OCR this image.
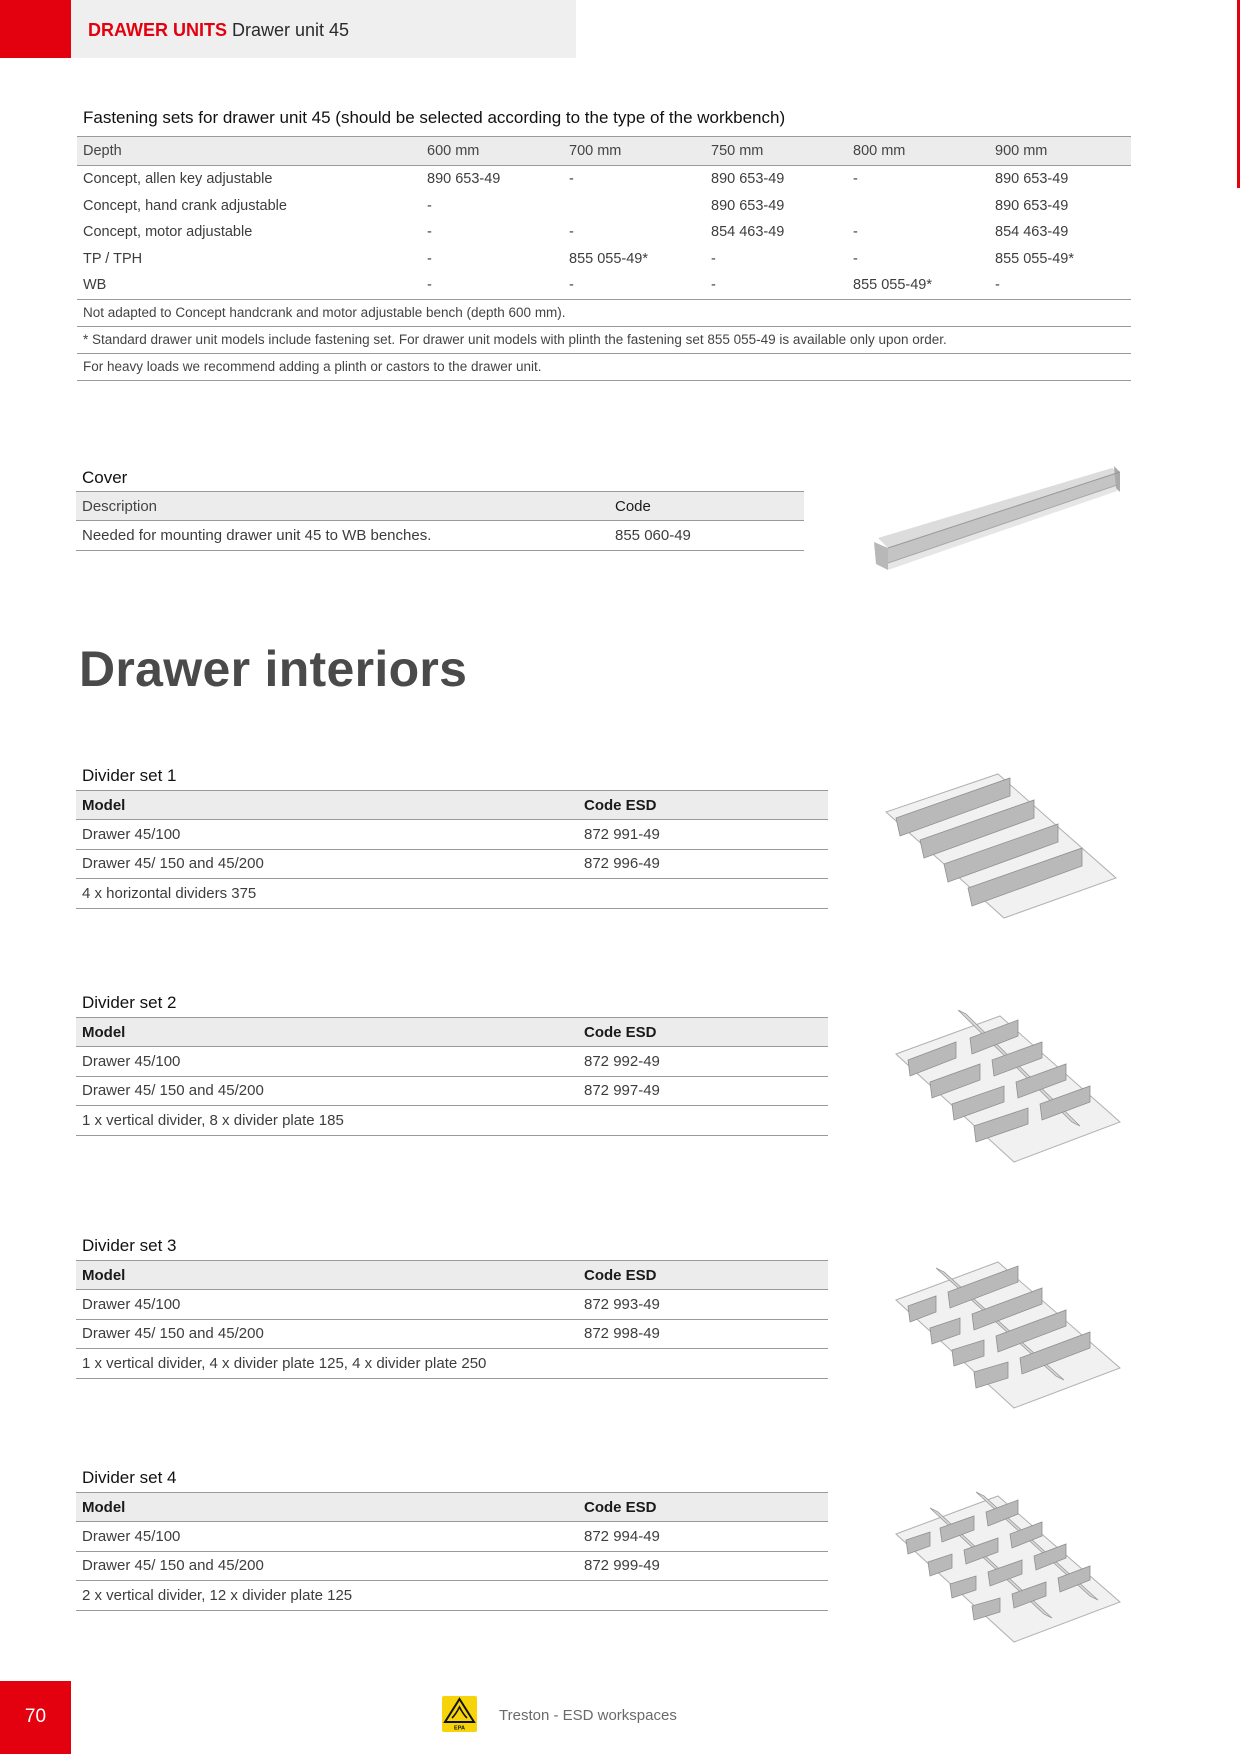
DRAWER UNITS Drawer unit 45
Fastening sets for drawer unit 45 (should be selected according to the type of the workbench)
Depth	600 mm	700 mm	750 mm	800 mm	900 mm
Concept, allen key adjustable	890 653-49	-	890 653-49	-	890 653-49
Concept, hand crank adjustable	-		890 653-49		890 653-49
Concept, motor adjustable	-	-	854 463-49	-	854 463-49
TP / TPH	-	855 055-49*	-	-	855 055-49*
WB	-	-	-	855 055-49*	-
Not adapted to Concept handcrank and motor adjustable bench (depth 600 mm).					
* Standard drawer unit models include fastening set. For drawer unit models with plinth the fastening set 855 055-49 is available only upon order.					
For heavy loads we recommend adding a plinth or castors to the drawer unit.					
Cover
Description	Code
Needed for mounting drawer unit 45 to WB benches.	855 060-49
Drawer interiors
Divider set 1
Model	Code ESD
Drawer 45/100	872 991-49
Drawer 45/ 150 and 45/200	872 996-49
4 x horizontal dividers 375	
Divider set 2
Model	Code ESD
Drawer 45/100	872 992-49
Drawer 45/ 150 and 45/200	872 997-49
1 x vertical divider, 8 x divider plate 185	
Divider set 3
Model	Code ESD
Drawer 45/100	872 993-49
Drawer 45/ 150 and 45/200	872 998-49
1 x vertical divider, 4 x divider plate 125, 4 x divider plate 250	
Divider set 4
Model	Code ESD
Drawer 45/100	872 994-49
Drawer 45/ 150 and 45/200	872 999-49
2 x vertical divider, 12 x divider plate 125	
70
EPA
Treston - ESD workspaces
